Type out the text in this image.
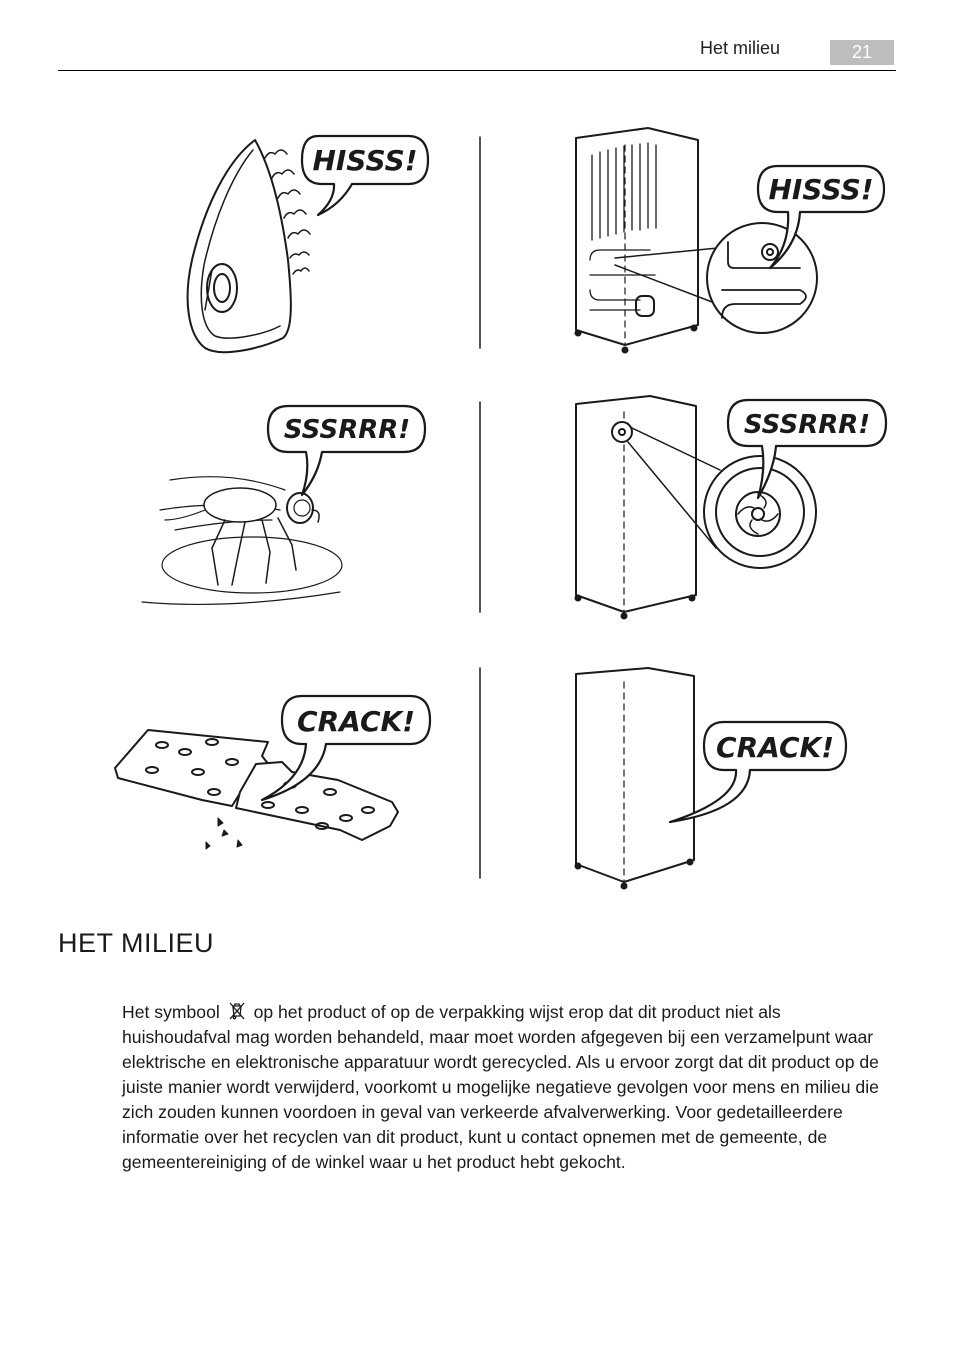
Het milieu	21
HISSS!
HISSS!
SSSRRR!	SSSRRR!
CRACK!
CRACK!
HET MILIEU

Het symbool op het product of op de verpakking wijst erop dat dit product niet als huishoudafval mag worden behandeld, maar moet worden afgegeven bij een verzamelpunt waar elektrische en elektronische apparatuur wordt gerecycled. Als u ervoor zorgt dat dit product op de juiste manier wordt verwijderd, voorkomt u mogelijke negatieve gevolgen voor mens en milieu die zich zouden kunnen voordoen in geval van verkeerde afvalverwerking. Voor gedetailleerdere informatie over het recyclen van dit product, kunt u contact opnemen met de gemeente, de gemeentereiniging of de winkel waar u het product hebt gekocht.
